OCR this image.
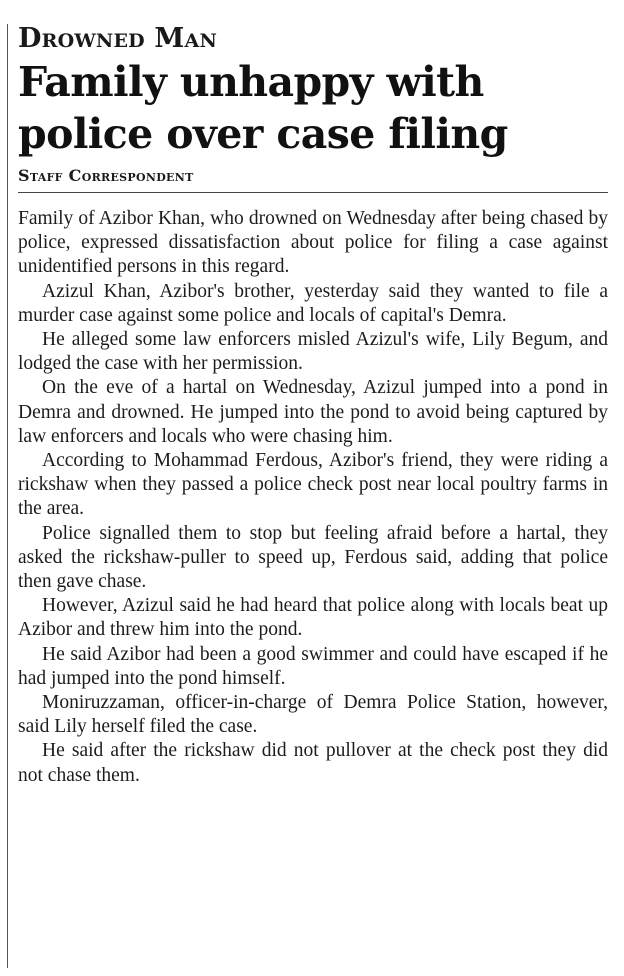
Drowned Man
Family unhappy with police over case filing
Staff Correspondent

Family of Azibor Khan, who drowned on Wednesday after being chased by police, expressed dissatisfaction about police for filing a case against unidentified persons in this regard.

Azizul Khan, Azibor's brother, yesterday said they wanted to file a murder case against some police and locals of capital's Demra.

He alleged some law enforcers misled Azizul's wife, Lily Begum, and lodged the case with her permission.

On the eve of a hartal on Wednesday, Azizul jumped into a pond in Demra and drowned. He jumped into the pond to avoid being captured by law enforcers and locals who were chasing him.

According to Mohammad Ferdous, Azibor's friend, they were riding a rickshaw when they passed a police check post near local poultry farms in the area.

Police signalled them to stop but feeling afraid before a hartal, they asked the rickshaw-puller to speed up, Ferdous said, adding that police then gave chase.

However, Azizul said he had heard that police along with locals beat up Azibor and threw him into the pond.

He said Azibor had been a good swimmer and could have escaped if he had jumped into the pond himself.

Moniruzzaman, officer-in-charge of Demra Police Station, however, said Lily herself filed the case.

He said after the rickshaw did not pullover at the check post they did not chase them.
